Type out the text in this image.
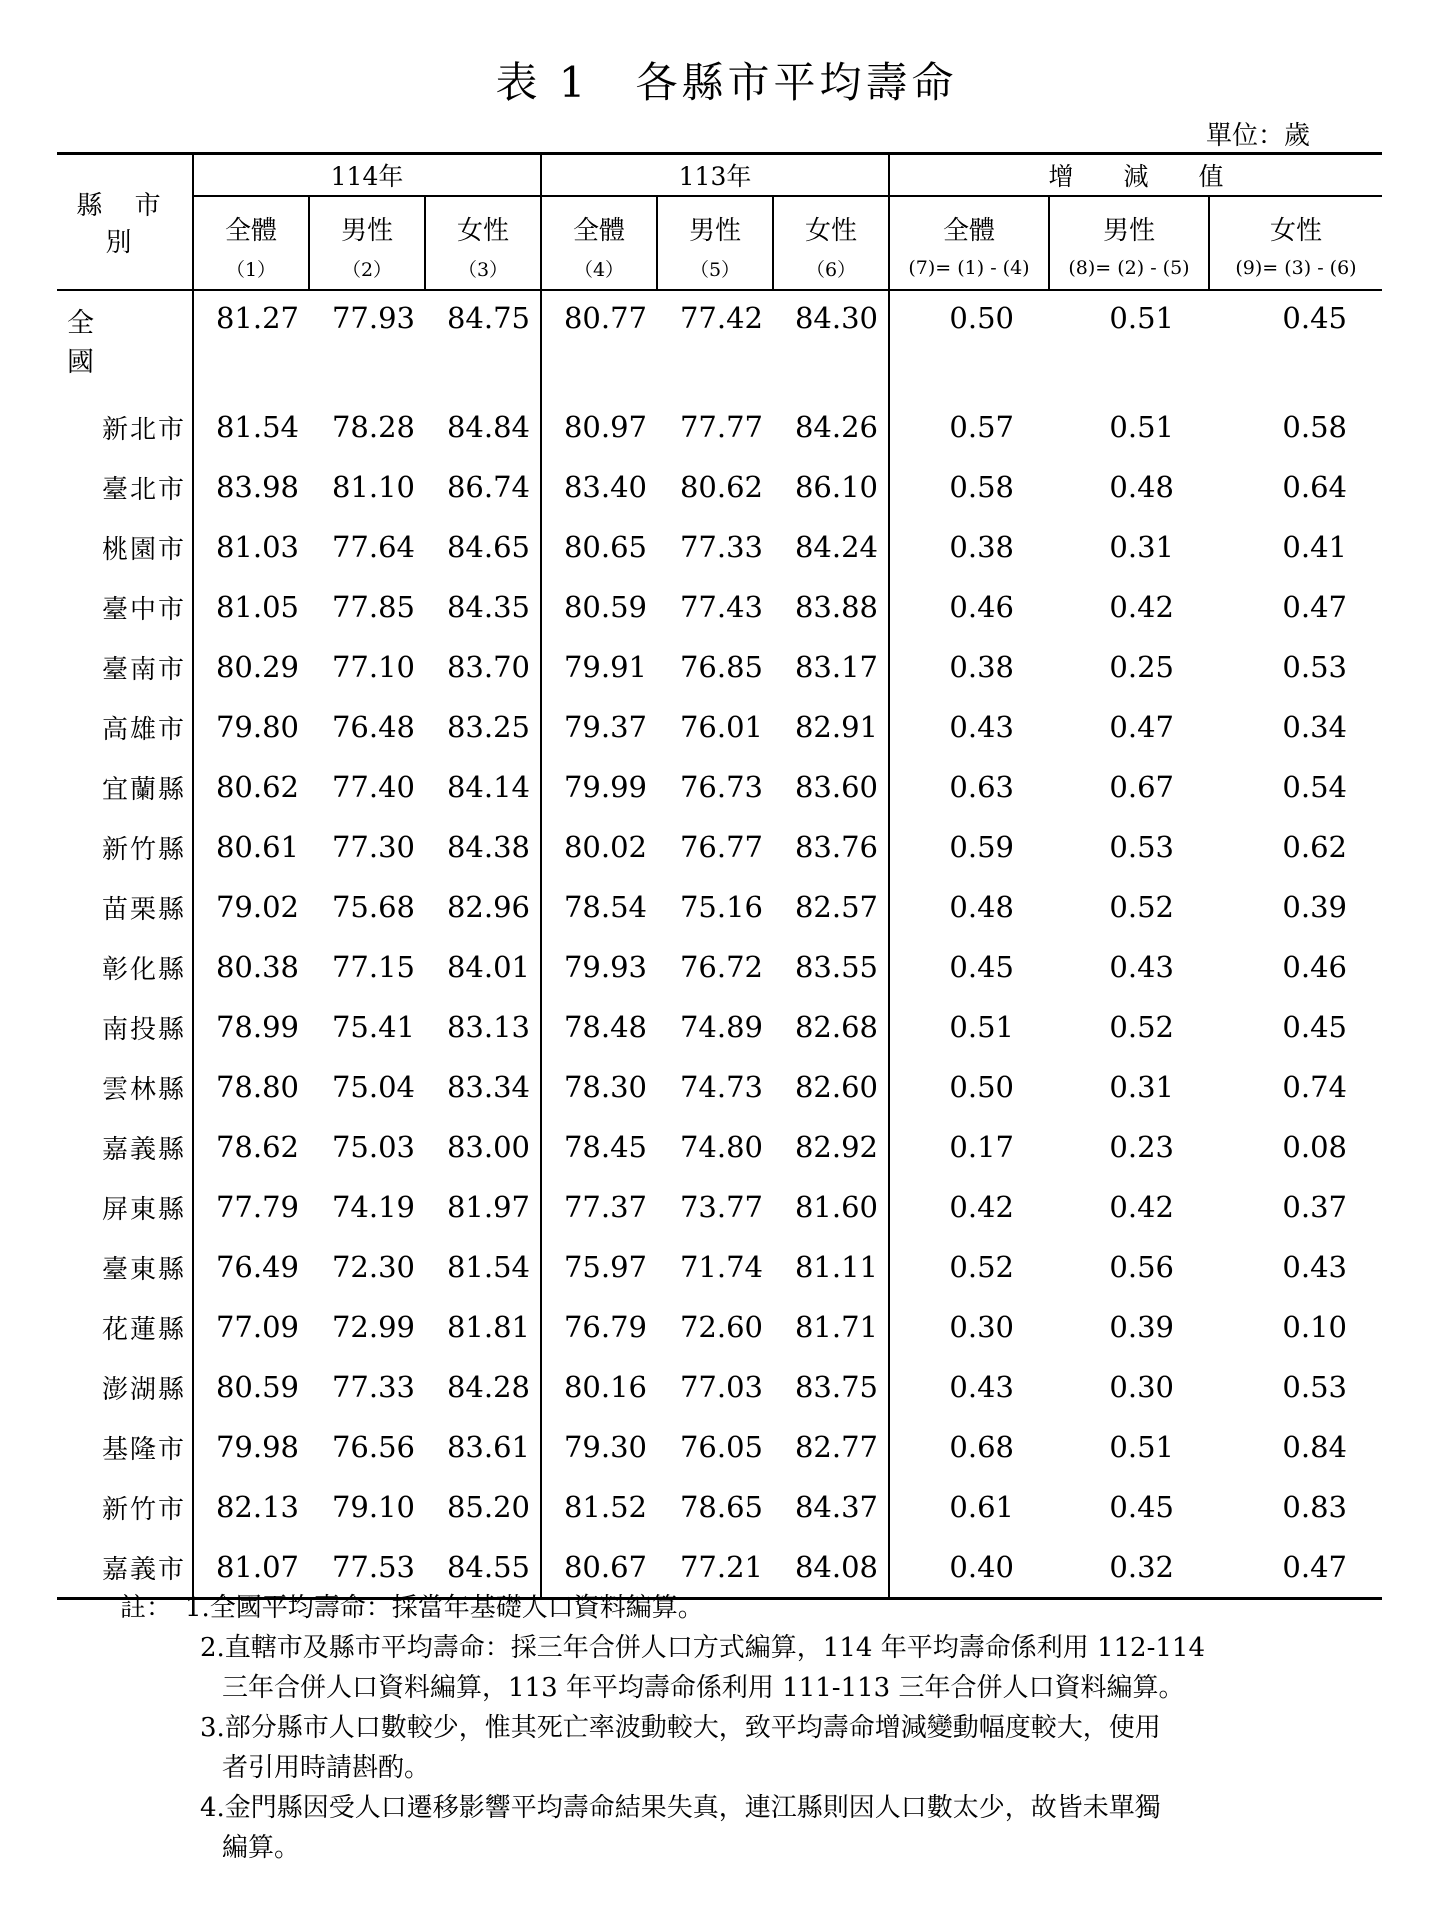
表 1　各縣市平均壽命
單位：歲
縣 市 別	114年			113年			增　　減　　值		
	全體	男性	女性	全體	男性	女性	全體	男性	女性
	（1）	（2）	（3）	（4）	（5）	（6）	(7)= (1) - (4)	(8)= (2) - (5)	(9)= (3) - (6)
全國	81.27	77.93	84.75	80.77	77.42	84.30	0.50	0.51	0.45

新北市	81.54	78.28	84.84	80.97	77.77	84.26	0.57	0.51	0.58
臺北市	83.98	81.10	86.74	83.40	80.62	86.10	0.58	0.48	0.64
桃園市	81.03	77.64	84.65	80.65	77.33	84.24	0.38	0.31	0.41
臺中市	81.05	77.85	84.35	80.59	77.43	83.88	0.46	0.42	0.47
臺南市	80.29	77.10	83.70	79.91	76.85	83.17	0.38	0.25	0.53
高雄市	79.80	76.48	83.25	79.37	76.01	82.91	0.43	0.47	0.34
宜蘭縣	80.62	77.40	84.14	79.99	76.73	83.60	0.63	0.67	0.54
新竹縣	80.61	77.30	84.38	80.02	76.77	83.76	0.59	0.53	0.62
苗栗縣	79.02	75.68	82.96	78.54	75.16	82.57	0.48	0.52	0.39
彰化縣	80.38	77.15	84.01	79.93	76.72	83.55	0.45	0.43	0.46
南投縣	78.99	75.41	83.13	78.48	74.89	82.68	0.51	0.52	0.45
雲林縣	78.80	75.04	83.34	78.30	74.73	82.60	0.50	0.31	0.74
嘉義縣	78.62	75.03	83.00	78.45	74.80	82.92	0.17	0.23	0.08
屏東縣	77.79	74.19	81.97	77.37	73.77	81.60	0.42	0.42	0.37
臺東縣	76.49	72.30	81.54	75.97	71.74	81.11	0.52	0.56	0.43
花蓮縣	77.09	72.99	81.81	76.79	72.60	81.71	0.30	0.39	0.10
澎湖縣	80.59	77.33	84.28	80.16	77.03	83.75	0.43	0.30	0.53
基隆市	79.98	76.56	83.61	79.30	76.05	82.77	0.68	0.51	0.84
新竹市	82.13	79.10	85.20	81.52	78.65	84.37	0.61	0.45	0.83
嘉義市	81.07	77.53	84.55	80.67	77.21	84.08	0.40	0.32	0.47

註： 1.全國平均壽命：採當年基礎人口資料編算。

2.直轄市及縣市平均壽命：採三年合併人口方式編算，114 年平均壽命係利用 112-114

三年合併人口資料編算，113 年平均壽命係利用 111-113 三年合併人口資料編算。

3.部分縣市人口數較少，惟其死亡率波動較大，致平均壽命增減變動幅度較大，使用

者引用時請斟酌。

4.金門縣因受人口遷移影響平均壽命結果失真，連江縣則因人口數太少，故皆未單獨

編算。
